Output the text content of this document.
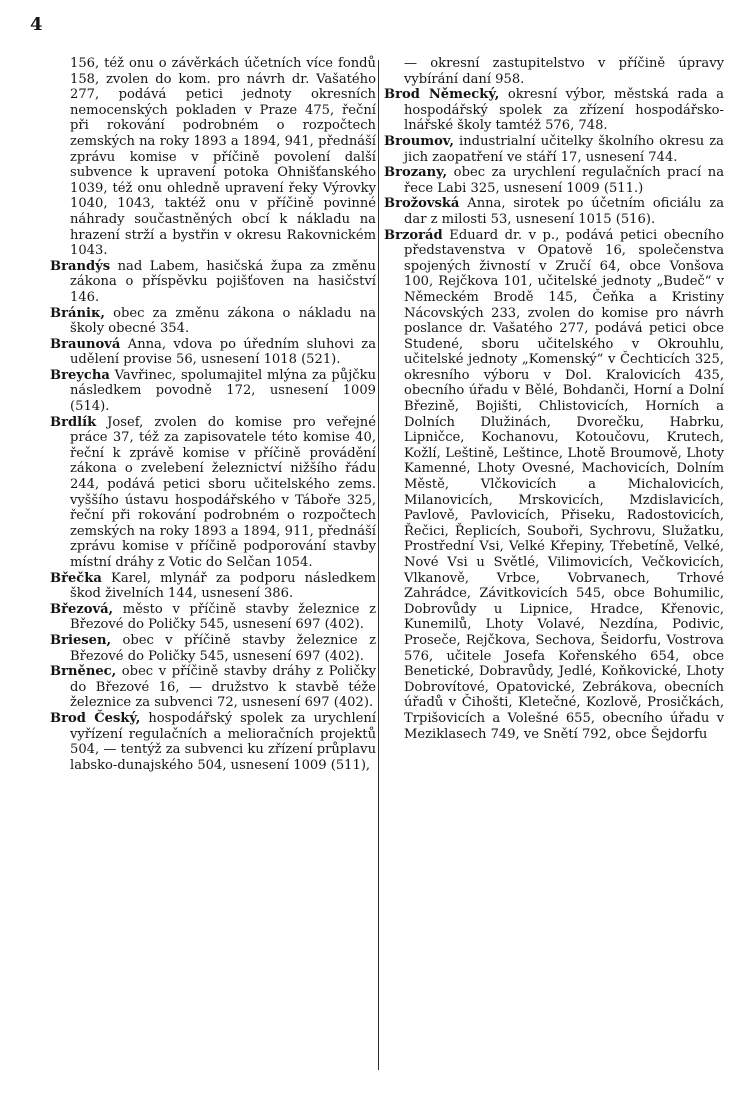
4

156, též onu o závěrkách účetních více fondů 158, zvolen do kom. pro návrh dr. Vašatého 277, podává petici jednoty okresních nemocenských pokladen v Praze 475, řeční při rokování podrobném o rozpočtech zemských na roky 1893 a 1894, 941, přednáší zprávu komise v příčině povolení další subvence k upravení potoka Ohnišťanského 1039, též onu ohledně upravení řeky Výrovky 1040, 1043, taktéž onu v příčině povinné náhrady součastněných obcí k nákladu na hrazení strží a bystřin v okresu Rakovnickém 1043.

Brandýs nad Labem, hasičská župa za změnu zákona o příspěvku pojišťoven na hasičství 146.

Brániк, obec za změnu zákona o nákladu na školy obecné 354.

Braunová Anna, vdova po úředním sluhovi za udělení provise 56, usnesení 1018 (521).

Breycha Vavřinec, spolumajitel mlýna za půjčku následkem povodně 172, usnesení 1009 (514).

Brdlík Josef, zvolen do komise pro veřejné práce 37, též za zapisovatele této komise 40, řeční k zprávě komise v příčině provádění zákona o zvelebení železnictví nižšího řádu 244, podává petici sboru učitelského zems. vyššího ústavu hospodářského v Táboře 325, řeční při rokování podrobném o rozpočtech zemských na roky 1893 a 1894, 911, přednáší zprávu komise v příčině podporování stavby místní dráhy z Votic do Selčan 1054.

Břečka Karel, mlynář za podporu následkem škod živelních 144, usnesení 386.

Březová, město v příčině stavby železnice z Březové do Poličky 545, usnesení 697 (402).

Briesen, obec v příčině stavby železnice z Březové do Poličky 545, usnesení 697 (402).

Brněnec, obec v příčině stavby dráhy z Poličky do Březové 16, — družstvo k stavbě téže železnice za subvenci 72, usnesení 697 (402).

Brod Český, hospodářský spolek za urychlení vyřízení regulačních a melioračních projektů 504, — tentýž za subvenci ku zřízení průplavu labsko-dunajského 504, usnesení 1009 (511),

— okresní zastupitelstvo v příčině úpravy vybírání daní 958.

Brod Německý, okresní výbor, městská rada a hospodářský spolek za zřízení hospodářsko-lnářské školy tamtéž 576, 748.

Broumov, industrialní učitelky školního okresu za jich zaopatření ve stáří 17, usnesení 744.

Brozany, obec za urychlení regulačních prací na řece Labi 325, usnesení 1009 (511.)

Brožovská Anna, sirotek po účetním oficiálu za dar z milosti 53, usnesení 1015 (516).

Brzorád Eduard dr. v p., podává petici obecního představenstva v Opatově 16, společenstva spojených živností v Zručí 64, obce Vonšova 100, Rejčkova 101, učitelské jednoty „Budeč“ v Německém Brodě 145, Čeňka a Kristiny Nácovských 233, zvolen do komise pro návrh poslance dr. Vašatého 277, podává petici obce Studené, sboru učitelského v Okrouhlu, učitelské jednoty „Komenský“ v Čechticích 325, okresního výboru v Dol. Kralovicích 435, obecního úřadu v Bělé, Bohdanči, Horní a Dolní Březině, Bojišti, Chlistovicích, Horních a Dolních Dlužinách, Dvorečku, Habrku, Lipničce, Kochanovu, Kotoučovu, Krutech, Kožlí, Leštině, Leštince, Lhotě Broumově, Lhoty Kamenné, Lhoty Ovesné, Machovicích, Dolním Městě, Vlčkovicích a Michalovicích, Milanovicích, Mrskovicích, Mzdislavicích, Pavlově, Pavlovicích, Přiseku, Radostovicích, Řečici, Řeplicích, Souboři, Sychrovu, Služatku, Prostřední Vsi, Velké Křepiny, Třebetíně, Velké, Nové Vsi u Světlé, Vilimovicích, Večkovicích, Vlkanově, Vrbce, Vobrvanech, Trhové Zahrádce, Závitkovicích 545, obce Bohumilic, Dobrovůdy u Lipnice, Hradce, Křenovic, Kunemilů, Lhoty Volavé, Nezdína, Podivic, Proseče, Rejčkova, Sechova, Šeidorfu, Vostrova 576, učitele Josefa Kořenského 654, obce Benetické, Dobravůdy, Jedlé, Koňkovické, Lhoty Dobrovítové, Opatovické, Zebrákova, obecních úřadů v Čihošti, Kletečné, Kozlově, Prosičkách, Trpišovicích a Volešné 655, obecního úřadu v Meziklasech 749, ve Snětí 792, obce Šejdorfu
